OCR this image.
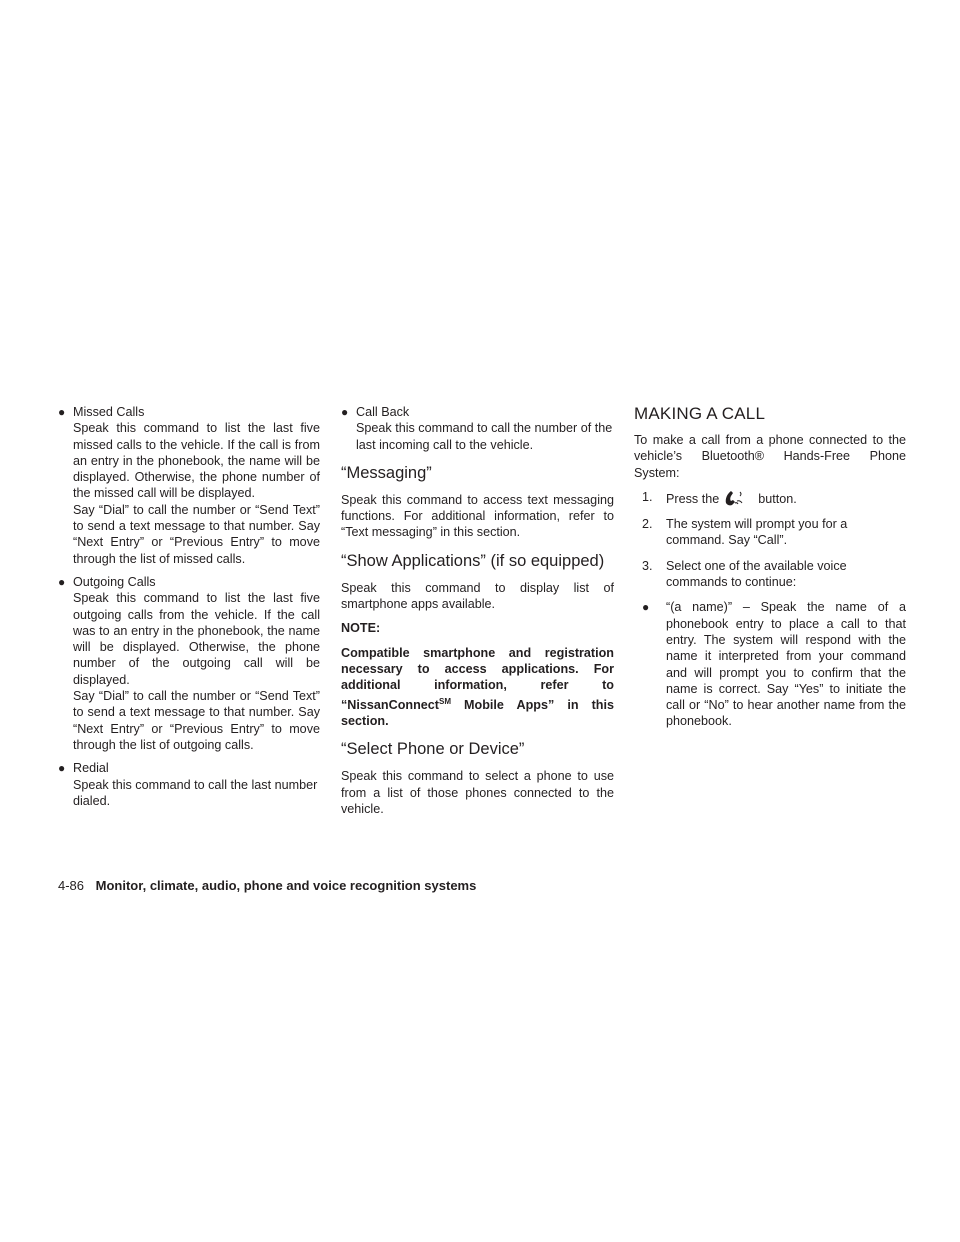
● Missed Calls

Speak this command to list the last five missed calls to the vehicle. If the call is from an entry in the phonebook, the name will be displayed. Otherwise, the phone number of the missed call will be displayed.

Say “Dial” to call the number or “Send Text” to send a text message to that number. Say “Next Entry” or “Previous Entry” to move through the list of missed calls.

● Outgoing Calls

Speak this command to list the last five outgoing calls from the vehicle. If the call was to an entry in the phonebook, the name will be displayed. Otherwise, the phone number of the outgoing call will be displayed.

Say “Dial” to call the number or “Send Text” to send a text message to that number. Say “Next Entry” or “Previous Entry” to move through the list of outgoing calls.

● Redial

Speak this command to call the last number dialed.

● Call Back

Speak this command to call the number of the last incoming call to the vehicle.

“Messaging”

Speak this command to access text messaging functions. For additional information, refer to “Text messaging” in this section.

“Show Applications” (if so equipped)

Speak this command to display list of smartphone apps available.

NOTE:

Compatible smartphone and registration necessary to access applications. For additional information, refer to “NissanConnect℠ Mobile Apps” in this section.

“Select Phone or Device”

Speak this command to select a phone to use from a list of those phones connected to the vehicle.

MAKING A CALL

To make a call from a phone connected to the vehicle’s Bluetooth® Hands-Free Phone System:

1. Press the	button.

2. The system will prompt you for a command. Say “Call”.

3. Select one of the available voice commands to continue:

● “(a name)” – Speak the name of a phonebook entry to place a call to that entry. The system will respond with the name it interpreted from your command and will prompt you to confirm that the name is correct. Say “Yes” to initiate the call or “No” to hear another name from the phonebook.

4-86 Monitor, climate, audio, phone and voice recognition systems
